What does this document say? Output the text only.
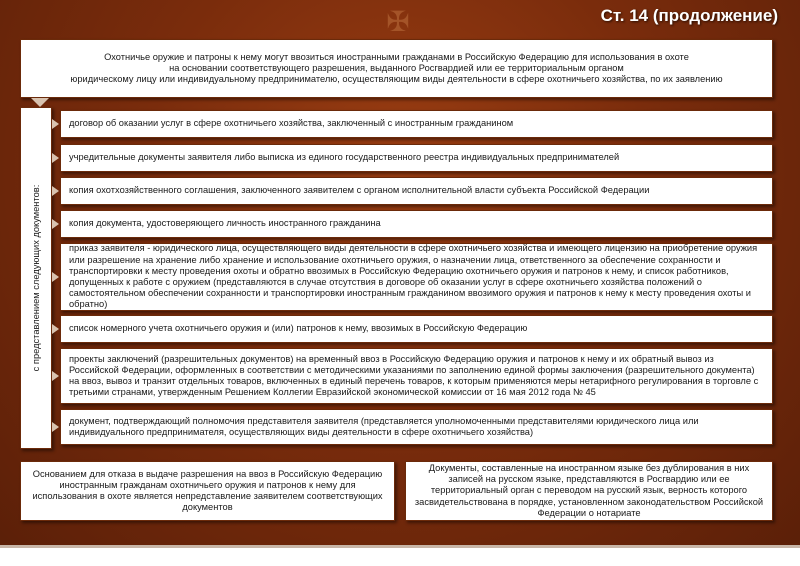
✠	Ст. 14 (продолжение)
Охотничье оружие и патроны к нему могут ввозиться иностранными гражданами в Российскую Федерацию для использования в охоте
на основании соответствующего разрешения, выданного Росгвардией или ее территориальным органом
юридическому лицу или индивидуальному предпринимателю, осуществляющим виды деятельности в сфере охотничьего хозяйства, по их заявлению
с представлением следующих документов:
договор об оказании услуг в сфере охотничьего хозяйства, заключенный с иностранным гражданином
учредительные документы заявителя либо выписка из единого государственного реестра индивидуальных предпринимателей
копия охотхозяйственного соглашения, заключенного заявителем с органом исполнительной власти субъекта Российской Федерации
копия документа, удостоверяющего личность иностранного гражданина
приказ заявителя - юридического лица, осуществляющего виды деятельности в сфере охотничьего хозяйства и имеющего лицензию на приобретение оружия или разрешение на хранение либо хранение и использование охотничьего оружия, о назначении лица, ответственного за обеспечение сохранности и транспортировки к месту проведения охоты и обратно ввозимых в Российскую Федерацию охотничьего оружия и патронов к нему, и список работников, допущенных к работе с оружием (представляются в случае отсутствия в договоре об оказании услуг в сфере охотничьего хозяйства положений о самостоятельном обеспечении сохранности и транспортировки иностранным гражданином ввозимого оружия и патронов к нему к месту проведения охоты и обратно)
список номерного учета охотничьего оружия и (или) патронов к нему, ввозимых в Российскую Федерацию
проекты заключений (разрешительных документов) на временный ввоз в Российскую Федерацию оружия и патронов к нему и их обратный вывоз из Российской Федерации, оформленных в соответствии с методическими указаниями по заполнению единой формы заключения (разрешительного документа) на ввоз, вывоз и транзит отдельных товаров, включенных в единый перечень товаров, к которым применяются меры нетарифного регулирования в торговле с третьими странами, утвержденным Решением Коллегии Евразийской экономической комиссии от 16 мая 2012 года № 45
документ, подтверждающий полномочия представителя заявителя (представляется уполномоченными представителями юридического лица или индивидуального предпринимателя, осуществляющих виды деятельности в сфере охотничьего хозяйства)
Основанием для отказа в выдаче разрешения на ввоз в Российскую Федерацию иностранным гражданам охотничьего оружия и патронов к нему для использования в охоте является непредставление заявителем соответствующих документов
Документы, составленные на иностранном языке без дублирования в них записей на русском языке, представляются в Росгвардию или ее территориальный орган с переводом на русский язык, верность которого засвидетельствована в порядке, установленном законодательством Российской Федерации о нотариате
